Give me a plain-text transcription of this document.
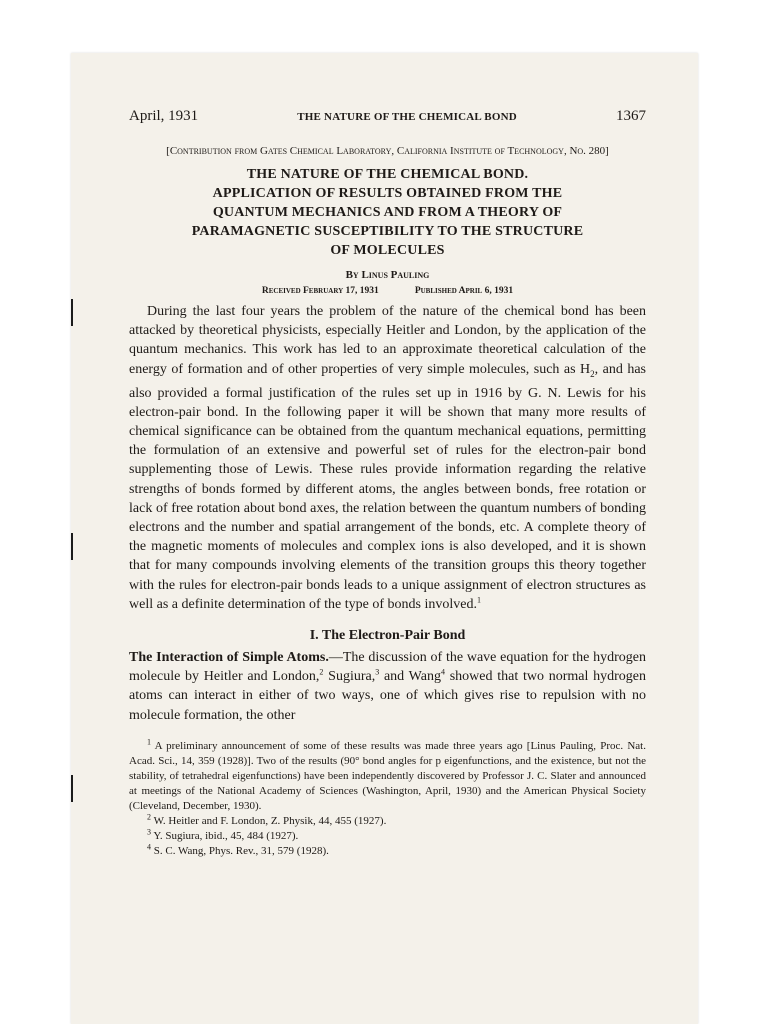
April, 1931	THE NATURE OF THE CHEMICAL BOND	1367
[Contribution from Gates Chemical Laboratory, California Institute of Technology, No. 280]
THE NATURE OF THE CHEMICAL BOND.
APPLICATION OF RESULTS OBTAINED FROM THE
QUANTUM MECHANICS AND FROM A THEORY OF
PARAMAGNETIC SUSCEPTIBILITY TO THE STRUCTURE
OF MOLECULES
By Linus Pauling
Received February 17, 1931	Published April 6, 1931

During the last four years the problem of the nature of the chemical bond has been attacked by theoretical physicists, especially Heitler and London, by the application of the quantum mechanics. This work has led to an approximate theoretical calculation of the energy of formation and of other properties of very simple molecules, such as $H_2$, and has also provided a formal justification of the rules set up in 1916 by G. N. Lewis for his electron-pair bond. In the following paper it will be shown that many more results of chemical significance can be obtained from the quantum mechanical equations, permitting the formulation of an extensive and powerful set of rules for the electron-pair bond supplementing those of Lewis. These rules provide information regarding the relative strengths of bonds formed by different atoms, the angles between bonds, free rotation or lack of free rotation about bond axes, the relation between the quantum numbers of bonding electrons and the number and spatial arrangement of the bonds, etc. A complete theory of the magnetic moments of molecules and complex ions is also developed, and it is shown that for many compounds involving elements of the transition groups this theory together with the rules for electron-pair bonds leads to a unique assignment of electron structures as well as a definite determination of the type of bonds involved.$^1$

I. The Electron-Pair Bond

The Interaction of Simple Atoms.—The discussion of the wave equation for the hydrogen molecule by Heitler and London,$^2$ Sugiura,$^3$ and Wang$^4$ showed that two normal hydrogen atoms can interact in either of two ways, one of which gives rise to repulsion with no molecule formation, the other

$^1$ A preliminary announcement of some of these results was made three years ago [Linus Pauling, Proc. Nat. Acad. Sci., 14, 359 (1928)]. Two of the results (90° bond angles for p eigenfunctions, and the existence, but not the stability, of tetrahedral eigenfunctions) have been independently discovered by Professor J. C. Slater and announced at meetings of the National Academy of Sciences (Washington, April, 1930) and the American Physical Society (Cleveland, December, 1930).

$^2$ W. Heitler and F. London, Z. Physik, 44, 455 (1927).

$^3$ Y. Sugiura, ibid., 45, 484 (1927).

$^4$ S. C. Wang, Phys. Rev., 31, 579 (1928).
